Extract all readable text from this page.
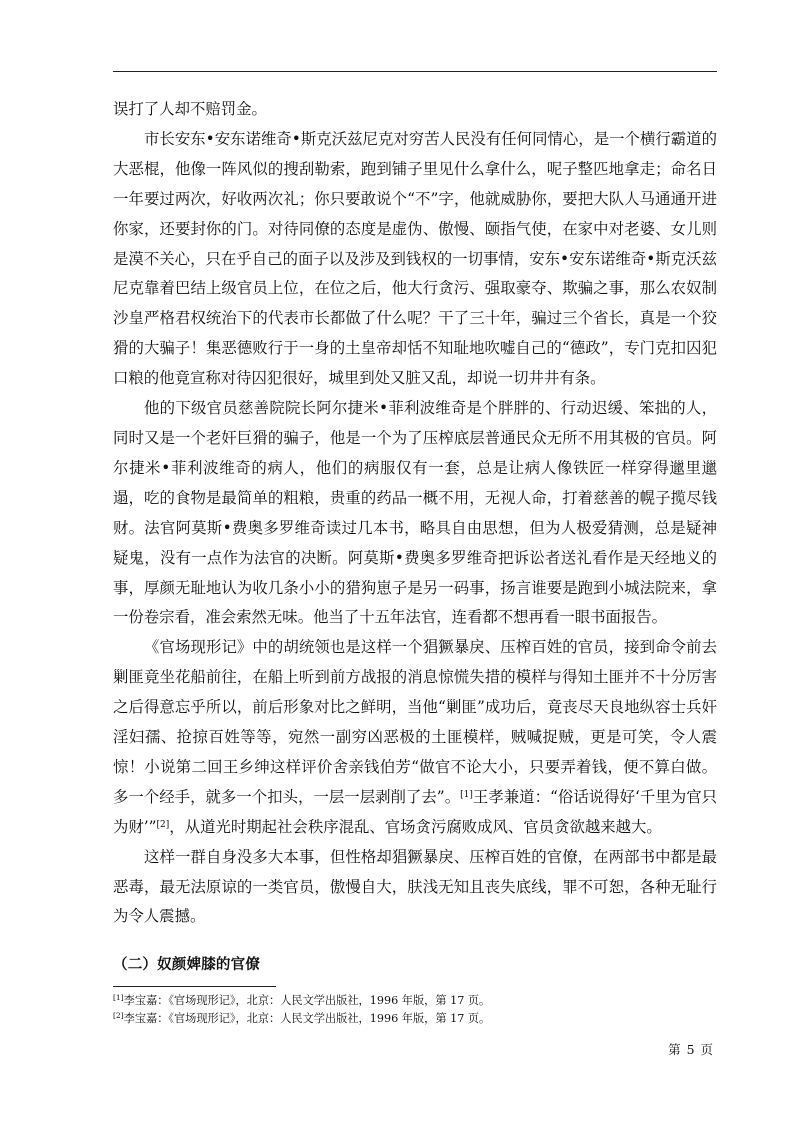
误打了人却不赔罚金。

市长安东•安东诺维奇•斯克沃兹尼克对穷苦人民没有任何同情心，是一个横行霸道的大恶棍，他像一阵风似的搜刮勒索，跑到铺子里见什么拿什么，呢子整匹地拿走；命名日一年要过两次，好收两次礼；你只要敢说个“不”字，他就威胁你，要把大队人马通通开进你家，还要封你的门。对待同僚的态度是虚伪、傲慢、颐指气使，在家中对老婆、女儿则是漠不关心，只在乎自己的面子以及涉及到钱权的一切事情，安东•安东诺维奇•斯克沃兹尼克靠着巴结上级官员上位，在位之后，他大行贪污、强取豪夺、欺骗之事，那么农奴制沙皇严格君权统治下的代表市长都做了什么呢？干了三十年，骗过三个省长，真是一个狡猾的大骗子！集恶德败行于一身的土皇帝却恬不知耻地吹嘘自己的“德政”，专门克扣囚犯口粮的他竟宣称对待囚犯很好，城里到处又脏又乱，却说一切井井有条。

他的下级官员慈善院院长阿尔捷米•菲利波维奇是个胖胖的、行动迟缓、笨拙的人，同时又是一个老奸巨猾的骗子，他是一个为了压榨底层普通民众无所不用其极的官员。阿尔捷米•菲利波维奇的病人，他们的病服仅有一套，总是让病人像铁匠一样穿得邋里邋遢，吃的食物是最简单的粗粮，贵重的药品一概不用，无视人命，打着慈善的幌子揽尽钱财。法官阿莫斯•费奥多罗维奇读过几本书，略具自由思想，但为人极爱猜测，总是疑神疑鬼，没有一点作为法官的决断。阿莫斯•费奥多罗维奇把诉讼者送礼看作是天经地义的事，厚颜无耻地认为收几条小小的猎狗崽子是另一码事，扬言谁要是跑到小城法院来，拿一份卷宗看，准会索然无味。他当了十五年法官，连看都不想再看一眼书面报告。

《官场现形记》中的胡统领也是这样一个猖獗暴戾、压榨百姓的官员，接到命令前去剿匪竟坐花船前往，在船上听到前方战报的消息惊慌失措的模样与得知土匪并不十分厉害之后得意忘乎所以，前后形象对比之鲜明，当他“剿匪”成功后，竟丧尽天良地纵容士兵奸淫妇孺、抢掠百姓等等，宛然一副穷凶恶极的土匪模样，贼喊捉贼，更是可笑，令人震惊！小说第二回王乡绅这样评价舍亲钱伯芳“做官不论大小，只要弄着钱，便不算白做。多一个经手，就多一个扣头，一层一层剥削了去”。[1]王孝兼道：“俗话说得好‘千里为官只为财’”[2]，从道光时期起社会秩序混乱、官场贪污腐败成风、官员贪欲越来越大。

这样一群自身没多大本事，但性格却猖獗暴戾、压榨百姓的官僚，在两部书中都是最恶毒，最无法原谅的一类官员，傲慢自大，肤浅无知且丧失底线，罪不可恕，各种无耻行为令人震撼。

（二）奴颜婢膝的官僚
[1]李宝嘉：《官场现形记》，北京：人民文学出版社，1996 年版，第 17 页。
[2]李宝嘉：《官场现形记》，北京：人民文学出版社，1996 年版，第 17 页。
第 5 页
